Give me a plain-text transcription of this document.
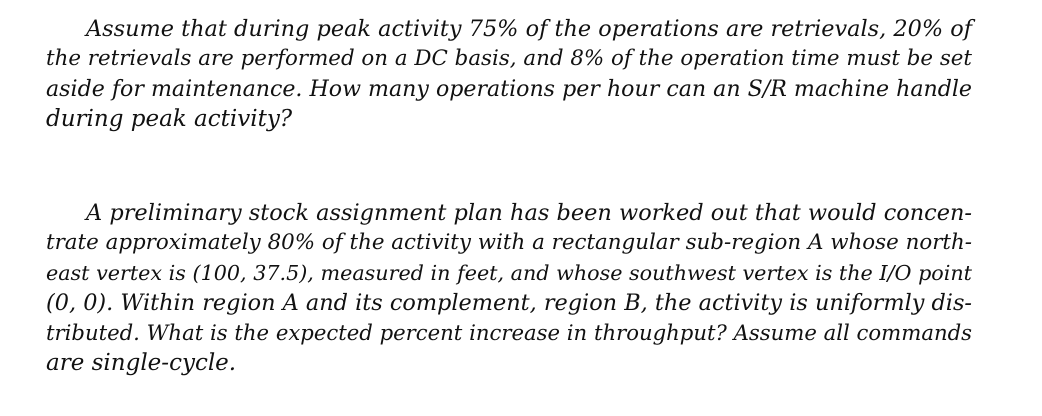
Assume that during peak activity 75% of the operations are retrievals, 20% of
the retrievals are performed on a DC basis, and 8% of the operation time must be set
aside for maintenance. How many operations per hour can an S/R machine handle
during peak activity?
A preliminary stock assignment plan has been worked out that would concen-
trate approximately 80% of the activity with a rectangular sub-region A whose north-
east vertex is (100, 37.5), measured in feet, and whose southwest vertex is the I/O point
(0, 0). Within region A and its complement, region B, the activity is uniformly dis-
tributed. What is the expected percent increase in throughput? Assume all commands
are single-cycle.
